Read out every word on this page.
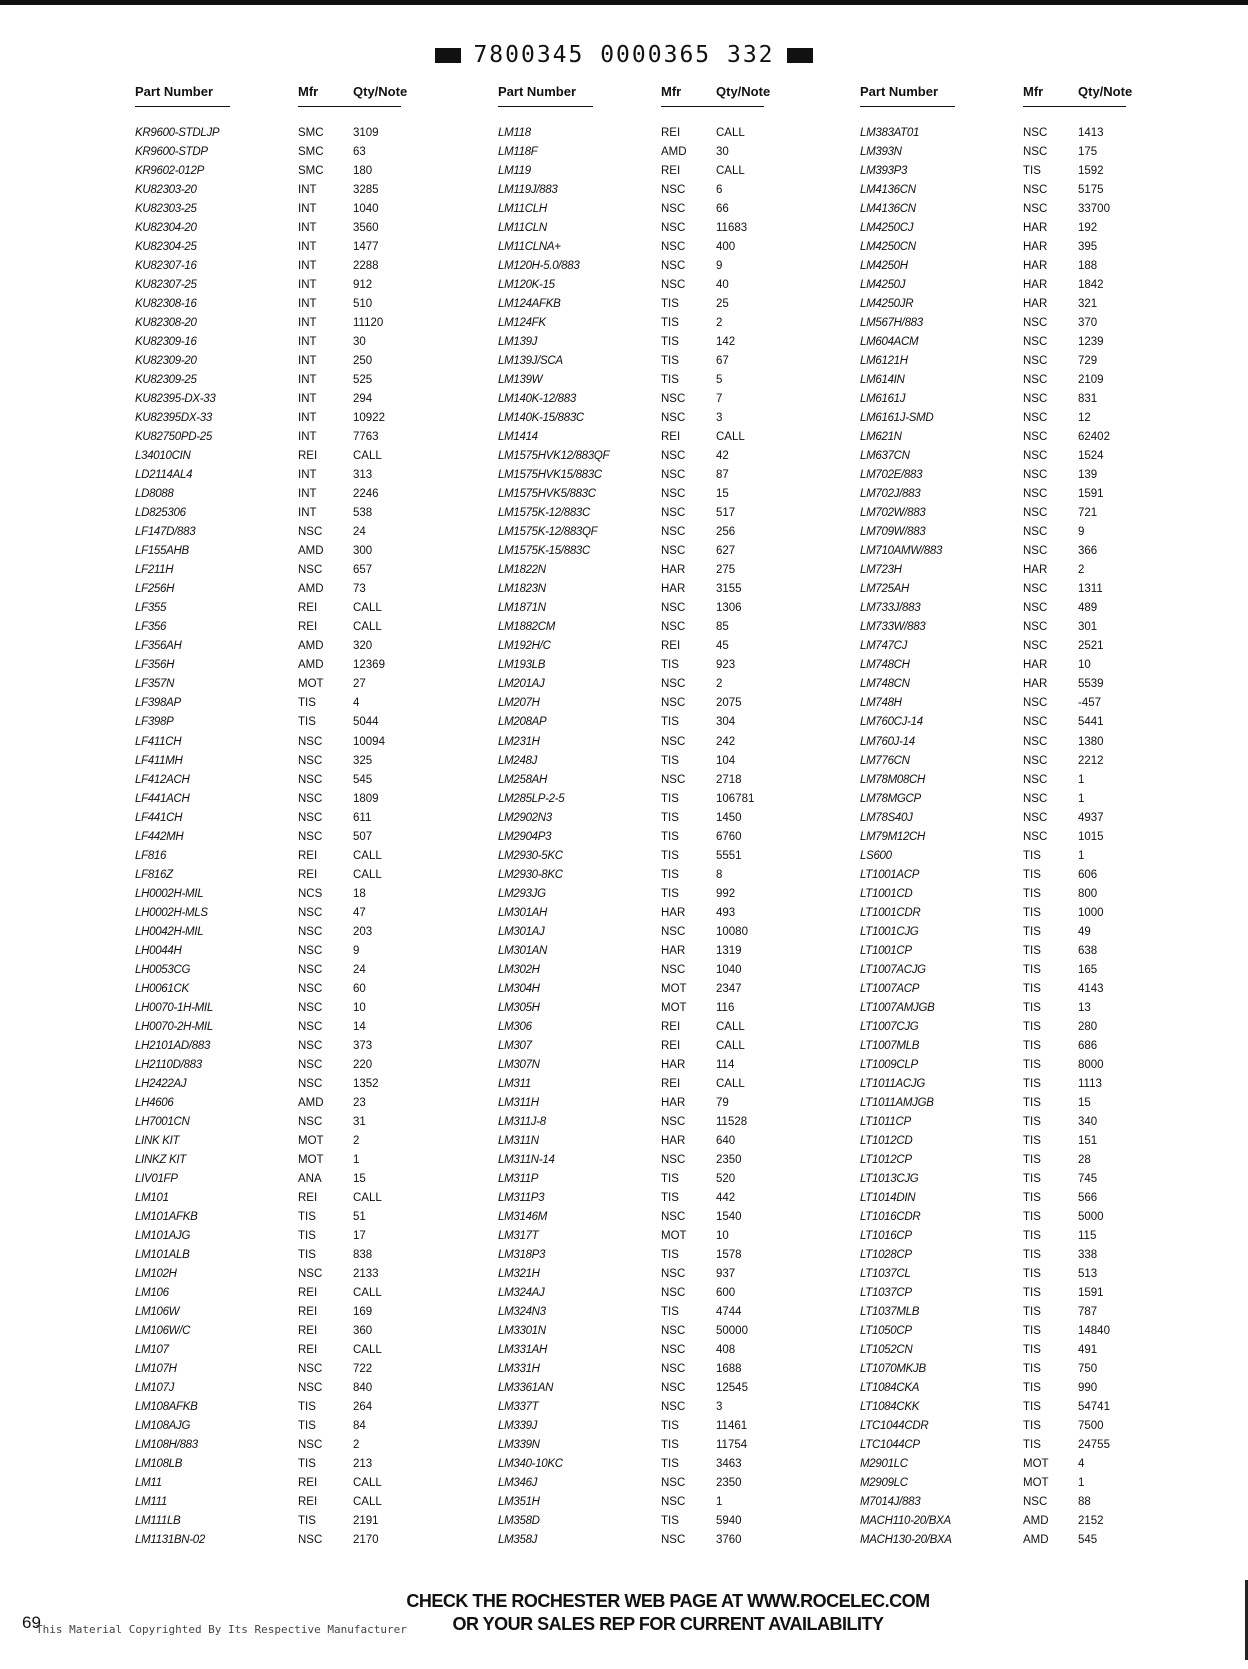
7800345 0000365 332
Part Number	Mfr	Qty/Note
KR9600-STDLJP	SMC	3109
KR9600-STDP	SMC	63
KR9602-012P	SMC	180
KU82303-20	INT	3285
KU82303-25	INT	1040
KU82304-20	INT	3560
KU82304-25	INT	1477
KU82307-16	INT	2288
KU82307-25	INT	912
KU82308-16	INT	510
KU82308-20	INT	11120
KU82309-16	INT	30
KU82309-20	INT	250
KU82309-25	INT	525
KU82395-DX-33	INT	294
KU82395DX-33	INT	10922
KU82750PD-25	INT	7763
L34010CIN	REI	CALL
LD2114AL4	INT	313
LD8088	INT	2246
LD825306	INT	538
LF147D/883	NSC	24
LF155AHB	AMD	300
LF211H	NSC	657
LF256H	AMD	73
LF355	REI	CALL
LF356	REI	CALL
LF356AH	AMD	320
LF356H	AMD	12369
LF357N	MOT	27
LF398AP	TIS	4
LF398P	TIS	5044
LF411CH	NSC	10094
LF411MH	NSC	325
LF412ACH	NSC	545
LF441ACH	NSC	1809
LF441CH	NSC	611
LF442MH	NSC	507
LF816	REI	CALL
LF816Z	REI	CALL
LH0002H-MIL	NCS	18
LH0002H-MLS	NSC	47
LH0042H-MIL	NSC	203
LH0044H	NSC	9
LH0053CG	NSC	24
LH0061CK	NSC	60
LH0070-1H-MIL	NSC	10
LH0070-2H-MIL	NSC	14
LH2101AD/883	NSC	373
LH2110D/883	NSC	220
LH2422AJ	NSC	1352
LH4606	AMD	23
LH7001CN	NSC	31
LINK KIT	MOT	2
LINKZ KIT	MOT	1
LIV01FP	ANA	15
LM101	REI	CALL
LM101AFKB	TIS	51
LM101AJG	TIS	17
LM101ALB	TIS	838
LM102H	NSC	2133
LM106	REI	CALL
LM106W	REI	169
LM106W/C	REI	360
LM107	REI	CALL
LM107H	NSC	722
LM107J	NSC	840
LM108AFKB	TIS	264
LM108AJG	TIS	84
LM108H/883	NSC	2
LM108LB	TIS	213
LM11	REI	CALL
LM111	REI	CALL
LM111LB	TIS	2191
LM1131BN-02	NSC	2170
Part Number	Mfr	Qty/Note
LM118	REI	CALL
LM118F	AMD	30
LM119	REI	CALL
LM119J/883	NSC	6
LM11CLH	NSC	66
LM11CLN	NSC	11683
LM11CLNA+	NSC	400
LM120H-5.0/883	NSC	9
LM120K-15	NSC	40
LM124AFKB	TIS	25
LM124FK	TIS	2
LM139J	TIS	142
LM139J/SCA	TIS	67
LM139W	TIS	5
LM140K-12/883	NSC	7
LM140K-15/883C	NSC	3
LM1414	REI	CALL
LM1575HVK12/883QF	NSC	42
LM1575HVK15/883C	NSC	87
LM1575HVK5/883C	NSC	15
LM1575K-12/883C	NSC	517
LM1575K-12/883QF	NSC	256
LM1575K-15/883C	NSC	627
LM1822N	HAR	275
LM1823N	HAR	3155
LM1871N	NSC	1306
LM1882CM	NSC	85
LM192H/C	REI	45
LM193LB	TIS	923
LM201AJ	NSC	2
LM207H	NSC	2075
LM208AP	TIS	304
LM231H	NSC	242
LM248J	TIS	104
LM258AH	NSC	2718
LM285LP-2-5	TIS	106781
LM2902N3	TIS	1450
LM2904P3	TIS	6760
LM2930-5KC	TIS	5551
LM2930-8KC	TIS	8
LM293JG	TIS	992
LM301AH	HAR	493
LM301AJ	NSC	10080
LM301AN	HAR	1319
LM302H	NSC	1040
LM304H	MOT	2347
LM305H	MOT	116
LM306	REI	CALL
LM307	REI	CALL
LM307N	HAR	114
LM311	REI	CALL
LM311H	HAR	79
LM311J-8	NSC	11528
LM311N	HAR	640
LM311N-14	NSC	2350
LM311P	TIS	520
LM311P3	TIS	442
LM3146M	NSC	1540
LM317T	MOT	10
LM318P3	TIS	1578
LM321H	NSC	937
LM324AJ	NSC	600
LM324N3	TIS	4744
LM3301N	NSC	50000
LM331AH	NSC	408
LM331H	NSC	1688
LM3361AN	NSC	12545
LM337T	NSC	3
LM339J	TIS	11461
LM339N	TIS	11754
LM340-10KC	TIS	3463
LM346J	NSC	2350
LM351H	NSC	1
LM358D	TIS	5940
LM358J	NSC	3760
Part Number	Mfr	Qty/Note
LM383AT01	NSC	1413
LM393N	NSC	175
LM393P3	TIS	1592
LM4136CN	NSC	5175
LM4136CN	NSC	33700
LM4250CJ	HAR	192
LM4250CN	HAR	395
LM4250H	HAR	188
LM4250J	HAR	1842
LM4250JR	HAR	321
LM567H/883	NSC	370
LM604ACM	NSC	1239
LM6121H	NSC	729
LM614IN	NSC	2109
LM6161J	NSC	831
LM6161J-SMD	NSC	12
LM621N	NSC	62402
LM637CN	NSC	1524
LM702E/883	NSC	139
LM702J/883	NSC	1591
LM702W/883	NSC	721
LM709W/883	NSC	9
LM710AMW/883	NSC	366
LM723H	HAR	2
LM725AH	NSC	1311
LM733J/883	NSC	489
LM733W/883	NSC	301
LM747CJ	NSC	2521
LM748CH	HAR	10
LM748CN	HAR	5539
LM748H	NSC	-457
LM760CJ-14	NSC	5441
LM760J-14	NSC	1380
LM776CN	NSC	2212
LM78M08CH	NSC	1
LM78MGCP	NSC	1
LM78S40J	NSC	4937
LM79M12CH	NSC	1015
LS600	TIS	1
LT1001ACP	TIS	606
LT1001CD	TIS	800
LT1001CDR	TIS	1000
LT1001CJG	TIS	49
LT1001CP	TIS	638
LT1007ACJG	TIS	165
LT1007ACP	TIS	4143
LT1007AMJGB	TIS	13
LT1007CJG	TIS	280
LT1007MLB	TIS	686
LT1009CLP	TIS	8000
LT1011ACJG	TIS	1113
LT1011AMJGB	TIS	15
LT1011CP	TIS	340
LT1012CD	TIS	151
LT1012CP	TIS	28
LT1013CJG	TIS	745
LT1014DIN	TIS	566
LT1016CDR	TIS	5000
LT1016CP	TIS	115
LT1028CP	TIS	338
LT1037CL	TIS	513
LT1037CP	TIS	1591
LT1037MLB	TIS	787
LT1050CP	TIS	14840
LT1052CN	TIS	491
LT1070MKJB	TIS	750
LT1084CKA	TIS	990
LT1084CKK	TIS	54741
LTC1044CDR	TIS	7500
LTC1044CP	TIS	24755
M2901LC	MOT	4
M2909LC	MOT	1
M7014J/883	NSC	88
MACH110-20/BXA	AMD	2152
MACH130-20/BXA	AMD	545
CHECK THE ROCHESTER WEB PAGE AT WWW.ROCELEC.COM
OR YOUR SALES REP FOR CURRENT AVAILABILITY
69
This Material Copyrighted By Its Respective Manufacturer
